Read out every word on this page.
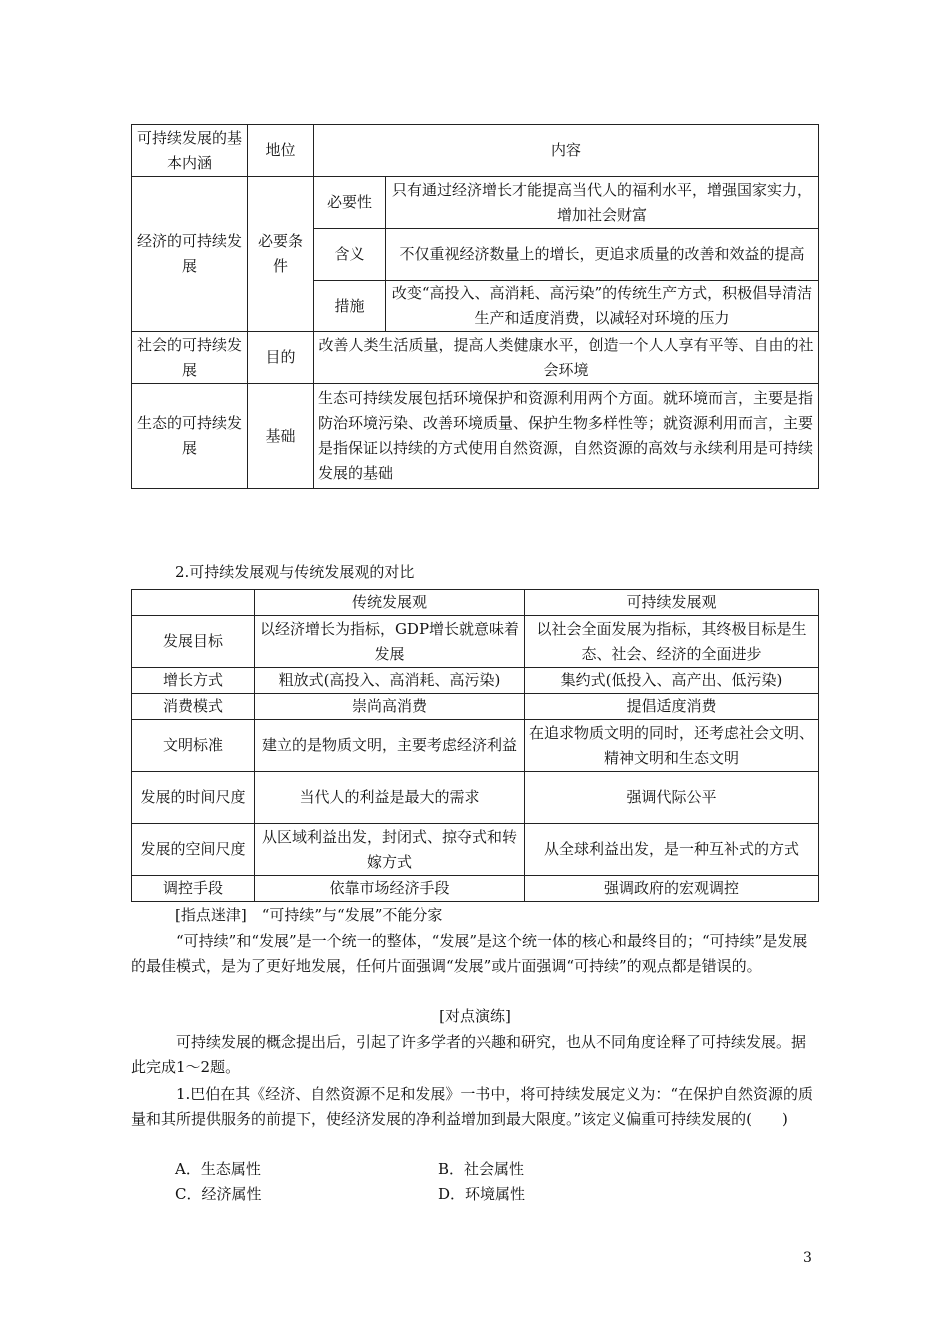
可持续发展的基本内涵	地位	内容	
经济的可持续发展	必要条件	必要性	只有通过经济增长才能提高当代人的福利水平，增强国家实力，增加社会财富
		含义	不仅重视经济数量上的增长，更追求质量的改善和效益的提高
		措施	改变“高投入、高消耗、高污染”的传统生产方式，积极倡导清洁生产和适度消费，以减轻对环境的压力
社会的可持续发展	目的	改善人类生活质量，提高人类健康水平，创造一个人人享有平等、自由的社会环境	
生态的可持续发展	基础	生态可持续发展包括环境保护和资源利用两个方面。就环境而言，主要是指防治环境污染、改善环境质量、保护生物多样性等；就资源利用而言，主要是指保证以持续的方式使用自然资源，自然资源的高效与永续利用是可持续发展的基础	
2.可持续发展观与传统发展观的对比
	传统发展观	可持续发展观
发展目标	以经济增长为指标，GDP增长就意味着发展	以社会全面发展为指标，其终极目标是生态、社会、经济的全面进步
增长方式	粗放式(高投入、高消耗、高污染)	集约式(低投入、高产出、低污染)
消费模式	崇尚高消费	提倡适度消费
文明标准	建立的是物质文明，主要考虑经济利益	在追求物质文明的同时，还考虑社会文明、精神文明和生态文明
发展的时间尺度	当代人的利益是最大的需求	强调代际公平
发展的空间尺度	从区域利益出发，封闭式、掠夺式和转嫁方式	从全球利益出发，是一种互补式的方式
调控手段	依靠市场经济手段	强调政府的宏观调控
[指点迷津]　“可持续”与“发展”不能分家
“可持续”和“发展”是一个统一的整体，“发展”是这个统一体的核心和最终目的；“可持续”是发展的最佳模式，是为了更好地发展，任何片面强调“发展”或片面强调“可持续”的观点都是错误的。
[对点演练]
可持续发展的概念提出后，引起了许多学者的兴趣和研究，也从不同角度诠释了可持续发展。据此完成1～2题。
1.巴伯在其《经济、自然资源不足和发展》一书中，将可持续发展定义为：“在保护自然资源的质量和其所提供服务的前提下，使经济发展的净利益增加到最大限度。”该定义偏重可持续发展的(　　)
A．生态属性	B．社会属性
C．经济属性	D．环境属性
3
